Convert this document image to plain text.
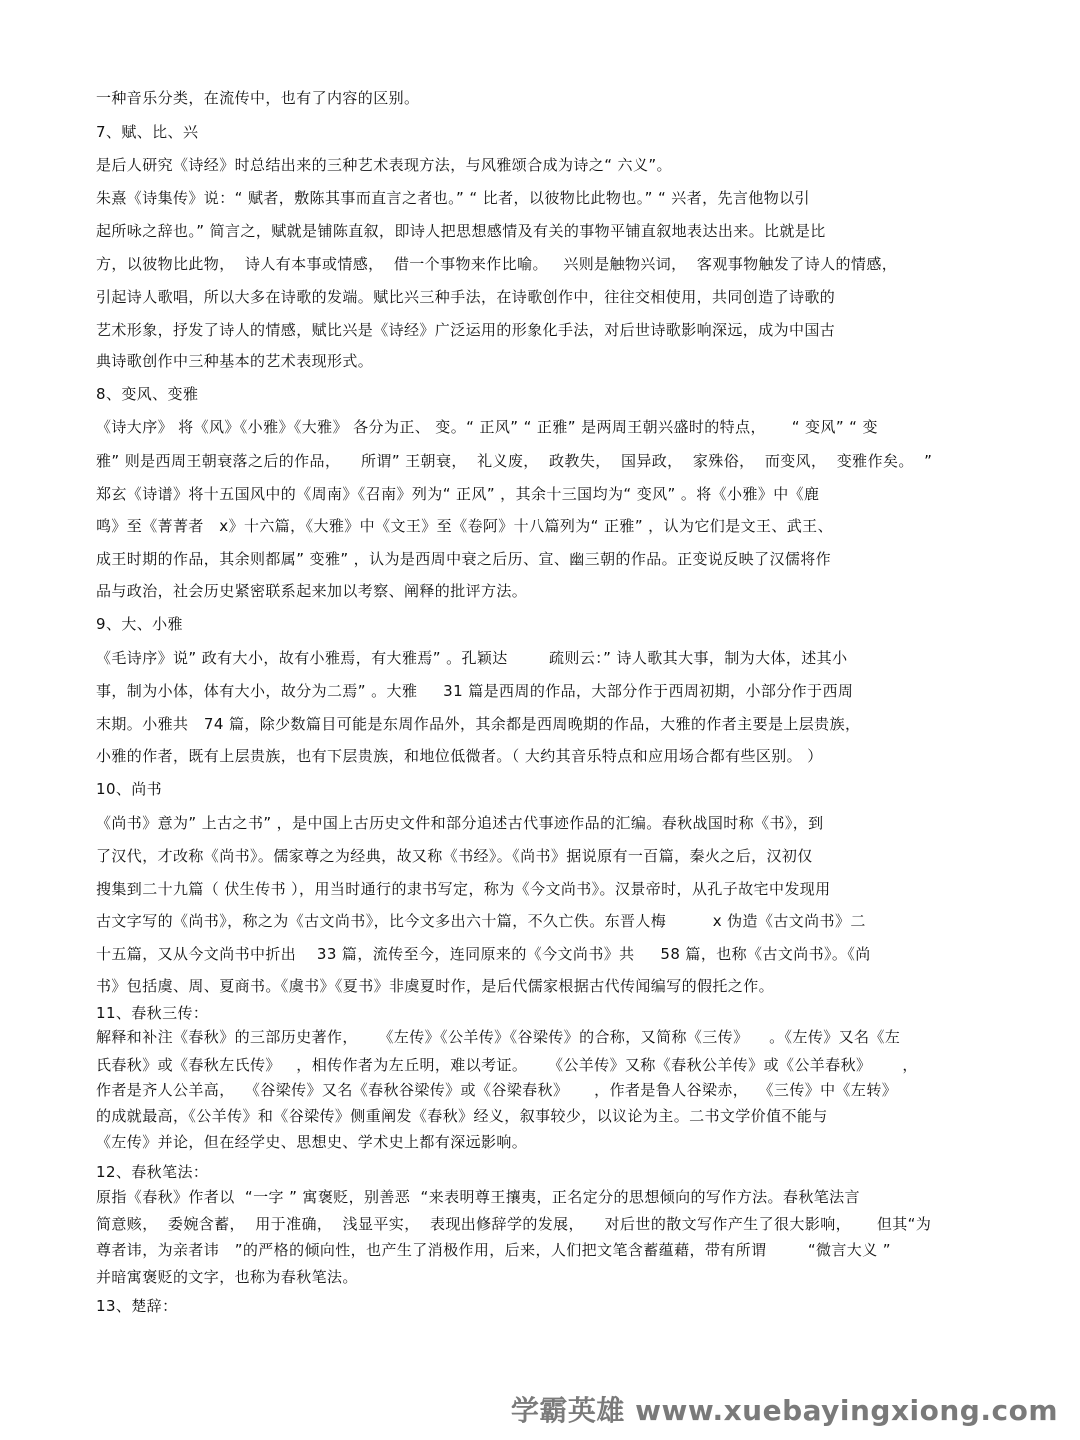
一种音乐分类，在流传中，也有了内容的区别。
7、赋、比、兴
是后人研究《诗经》时总结出来的三种艺术表现方法，与风雅颂合成为诗之“ 六义”。
朱熹《诗集传》说：“ 赋者，敷陈其事而直言之者也。” “ 比者，以彼物比此物也。” “ 兴者，先言他物以引
起所咏之辞也。” 简言之，赋就是铺陈直叙，即诗人把思想感情及有关的事物平铺直叙地表达出来。比就是比
方，以彼物比此物，  诗人有本事或情感，  借一个事物来作比喻。   兴则是触物兴词，  客观事物触发了诗人的情感，
引起诗人歌唱，所以大多在诗歌的发端。赋比兴三种手法，在诗歌创作中，往往交相使用，共同创造了诗歌的
艺术形象，抒发了诗人的情感，赋比兴是《诗经》广泛运用的形象化手法，对后世诗歌影响深远，成为中国古
典诗歌创作中三种基本的艺术表现形式。
8、变风、变雅
《诗大序》 将《风》《小雅》《大雅》 各分为正、 变。“ 正风” “ 正雅” 是两周王朝兴盛时的特点，     “ 变风” “ 变
雅” 则是西周王朝衰落之后的作品，    所谓” 王朝衰，  礼义废，  政教失，  国异政，  家殊俗，  而变风，  变雅作矣。  ”
郑玄《诗谱》将十五国风中的《周南》《召南》列为“ 正风” ，其余十三国均为“ 变风” 。将《小雅》中《鹿
鸣》至《菁菁者   x》十六篇，《大雅》中《文王》至《卷阿》十八篇列为“ 正雅” ，认为它们是文王、武王、
成王时期的作品，其余则都属” 变雅” ，认为是西周中衰之后历、宣、幽三朝的作品。正变说反映了汉儒将作
品与政治，社会历史紧密联系起来加以考察、阐释的批评方法。
9、大、小雅
《毛诗序》说” 政有大小，故有小雅焉，有大雅焉” 。孔颖达        疏则云：” 诗人歌其大事，制为大体，述其小
事，制为小体，体有大小，故分为二焉” 。大雅     31 篇是西周的作品，大部分作于西周初期，小部分作于西周
末期。小雅共   74 篇，除少数篇目可能是东周作品外，其余都是西周晚期的作品，大雅的作者主要是上层贵族，
小雅的作者，既有上层贵族，也有下层贵族，和地位低微者。（ 大约其音乐特点和应用场合都有些区别。 ）
10、尚书
《尚书》意为” 上古之书” ，是中国上古历史文件和部分追述古代事迹作品的汇编。春秋战国时称《书》，到
了汉代，才改称《尚书》。儒家尊之为经典，故又称《书经》。《尚书》据说原有一百篇，秦火之后，汉初仅
搜集到二十九篇（ 伏生传书 ），用当时通行的隶书写定，称为《今文尚书》。汉景帝时，从孔子故宅中发现用
古文字写的《尚书》，称之为《古文尚书》，比今文多出六十篇，不久亡佚。东晋人梅         x 伪造《古文尚书》二
十五篇，又从今文尚书中折出    33 篇，流传至今，连同原来的《今文尚书》共     58 篇，也称《古文尚书》。《尚
书》包括虞、周、夏商书。《虞书》《夏书》非虞夏时作，是后代儒家根据古代传闻编写的假托之作。
11、春秋三传：
解释和补注《春秋》的三部历史著作，    《左传》《公羊传》《谷梁传》的合称，又简称《三传》    。《左传》又名《左
氏春秋》或《春秋左氏传》   ，相传作者为左丘明，难以考证。    《公羊传》又称《春秋公羊传》或《公羊春秋》      ，
作者是齐人公羊高，  《谷梁传》又名《春秋谷梁传》或《谷梁春秋》     ，作者是鲁人谷梁赤，  《三传》中《左转》
的成就最高，《公羊传》和《谷梁传》侧重阐发《春秋》经义，叙事较少，以议论为主。二书文学价值不能与
《左传》并论，但在经学史、思想史、学术史上都有深远影响。
12、春秋笔法：
原指《春秋》作者以  “一字 ” 寓褒贬，别善恶  “来表明尊王攘夷，正名定分的思想倾向的写作方法。春秋笔法言
简意赅，  委婉含蓄，  用于准确，  浅显平实，  表现出修辞学的发展，    对后世的散文写作产生了很大影响，     但其“为
尊者讳，为亲者讳   ”的严格的倾向性，也产生了消极作用，后来，人们把文笔含蓄蕴藉，带有所谓        “微言大义 ”
并暗寓褒贬的文字，也称为春秋笔法。
13、楚辞：
学霸英雄 www.xuebayingxiong.com
